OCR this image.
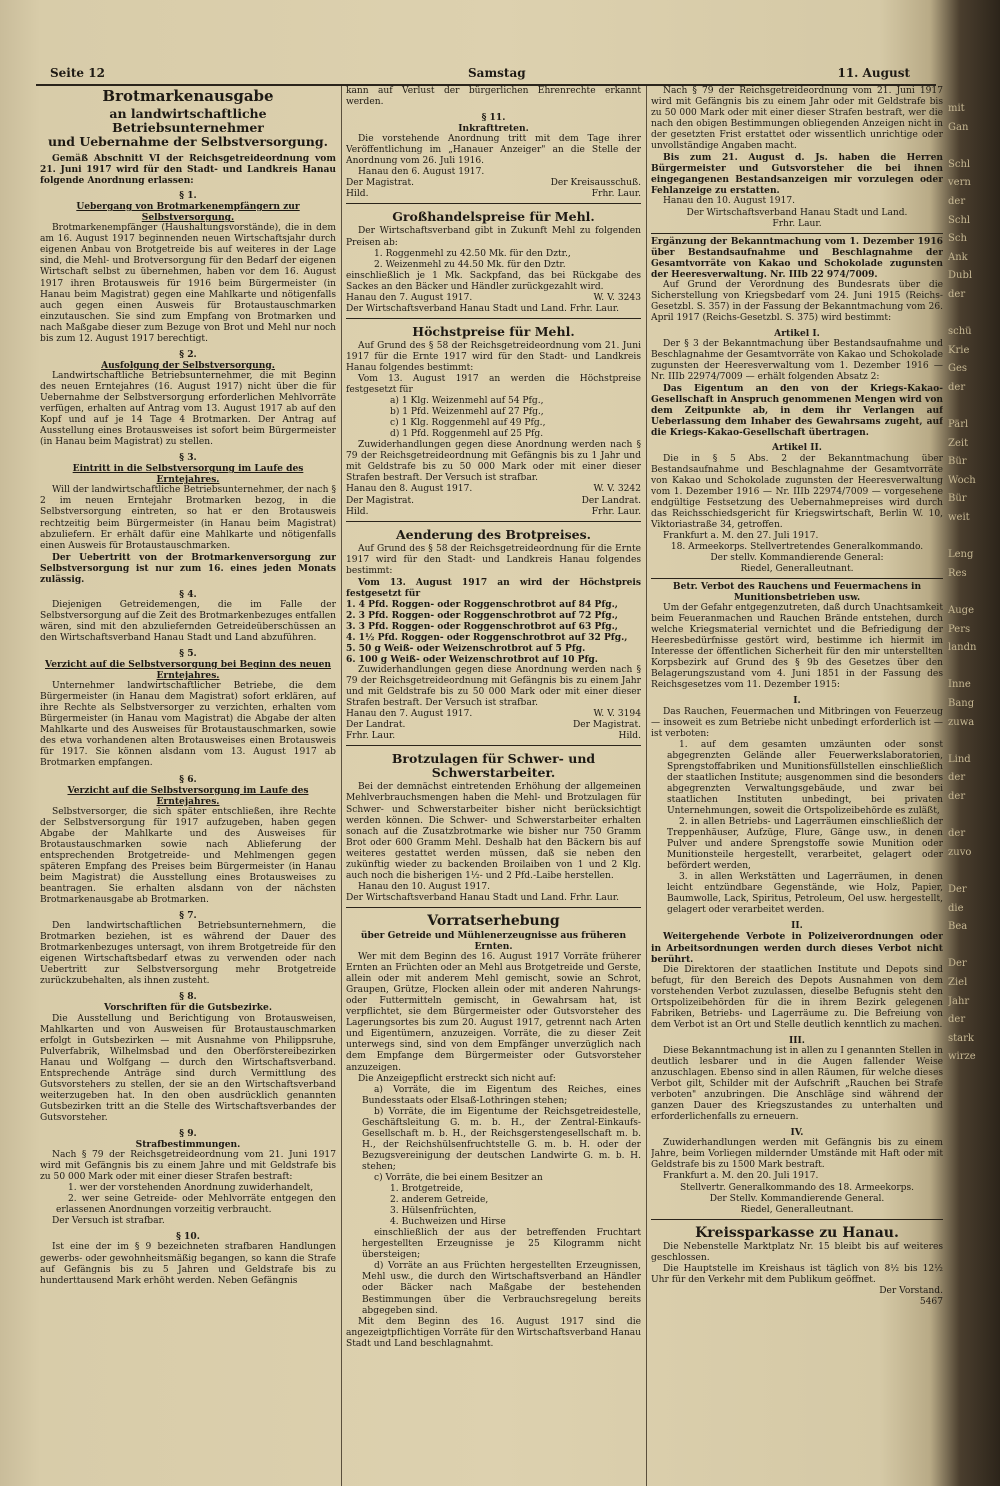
Seite 12	Samstag	11. August
Brotmarkenausgabe
an landwirtschaftliche Betriebsunternehmer
und Uebernahme der Selbstversorgung.

Gemäß Abschnitt VI der Reichsgetreideordnung vom 21. Juni 1917 wird für den Stadt- und Landkreis Hanau folgende Anordnung erlassen:

§ 1.
Uebergang von Brotmarkenempfängern zur Selbstversorgung.

Brotmarkenempfänger (Haushaltungsvorstände), die in dem am 16. August 1917 beginnenden neuen Wirtschaftsjahr durch eigenen Anbau von Brotgetreide bis auf weiteres in der Lage sind, die Mehl- und Brotversorgung für den Bedarf der eigenen Wirtschaft selbst zu übernehmen, haben vor dem 16. August 1917 ihren Brotausweis für 1916 beim Bürgermeister (in Hanau beim Magistrat) gegen eine Mahlkarte und nötigenfalls auch gegen einen Ausweis für Brotaustauschmarken einzutauschen. Sie sind zum Empfang von Brotmarken und nach Maßgabe dieser zum Bezuge von Brot und Mehl nur noch bis zum 12. August 1917 berechtigt.

§ 2.
Ausfolgung der Selbstversorgung.

Landwirtschaftliche Betriebsunternehmer, die mit Beginn des neuen Erntejahres (16. August 1917) nicht über die für Uebernahme der Selbstversorgung erforderlichen Mehlvorräte verfügen, erhalten auf Antrag vom 13. August 1917 ab auf den Kopf und auf je 14 Tage 4 Brotmarken. Der Antrag auf Ausstellung eines Brotausweises ist sofort beim Bürgermeister (in Hanau beim Magistrat) zu stellen.

§ 3.
Eintritt in die Selbstversorgung im Laufe des Erntejahres.

Will der landwirtschaftliche Betriebsunternehmer, der nach § 2 im neuen Erntejahr Brotmarken bezog, in die Selbstversorgung eintreten, so hat er den Brotausweis rechtzeitig beim Bürgermeister (in Hanau beim Magistrat) abzuliefern. Er erhält dafür eine Mahlkarte und nötigenfalls einen Ausweis für Brotaustauschmarken.

Der Uebertritt von der Brotmarkenversorgung zur Selbstversorgung ist nur zum 16. eines jeden Monats zulässig.

§ 4.

Diejenigen Getreidemengen, die im Falle der Selbstversorgung auf die Zeit des Brotmarkenbezuges entfallen wären, sind mit den abzuliefernden Getreideüberschüssen an den Wirtschaftsverband Hanau Stadt und Land abzuführen.

§ 5.
Verzicht auf die Selbstversorgung bei Beginn des neuen Erntejahres.

Unternehmer landwirtschaftlicher Betriebe, die dem Bürgermeister (in Hanau dem Magistrat) sofort erklären, auf ihre Rechte als Selbstversorger zu verzichten, erhalten vom Bürgermeister (in Hanau vom Magistrat) die Abgabe der alten Mahlkarte und des Ausweises für Brotaustauschmarken, sowie des etwa vorhandenen alten Brotausweises einen Brotausweis für 1917. Sie können alsdann vom 13. August 1917 ab Brotmarken empfangen.

§ 6.
Verzicht auf die Selbstversorgung im Laufe des Erntejahres.

Selbstversorger, die sich später entschließen, ihre Rechte der Selbstversorgung für 1917 aufzugeben, haben gegen Abgabe der Mahlkarte und des Ausweises für Brotaustauschmarken sowie nach Ablieferung der entsprechenden Brotgetreide- und Mehlmengen gegen späteren Empfang des Preises beim Bürgermeister (in Hanau beim Magistrat) die Ausstellung eines Brotausweises zu beantragen. Sie erhalten alsdann von der nächsten Brotmarkenausgabe ab Brotmarken.

§ 7.

Den landwirtschaftlichen Betriebsunternehmern, die Brotmarken beziehen, ist es während der Dauer des Brotmarkenbezuges untersagt, von ihrem Brotgetreide für den eigenen Wirtschaftsbedarf etwas zu verwenden oder nach Uebertritt zur Selbstversorgung mehr Brotgetreide zurückzubehalten, als ihnen zusteht.

§ 8.
Vorschriften für die Gutsbezirke.

Die Ausstellung und Berichtigung von Brotausweisen, Mahlkarten und von Ausweisen für Brotaustauschmarken erfolgt in Gutsbezirken — mit Ausnahme von Philippsruhe, Pulverfabrik, Wilhelmsbad und den Oberförstereibezirken Hanau und Wolfgang — durch den Wirtschaftsverband. Entsprechende Anträge sind durch Vermittlung des Gutsvorstehers zu stellen, der sie an den Wirtschaftsverband weiterzugeben hat. In den oben ausdrücklich genannten Gutsbezirken tritt an die Stelle des Wirtschaftsverbandes der Gutsvorsteher.

§ 9.
Strafbestimmungen.

Nach § 79 der Reichsgetreideordnung vom 21. Juni 1917 wird mit Gefängnis bis zu einem Jahre und mit Geldstrafe bis zu 50 000 Mark oder mit einer dieser Strafen bestraft:

1. wer der vorstehenden Anordnung zuwiderhandelt,

2. wer seine Getreide- oder Mehlvorräte entgegen den erlassenen Anordnungen vorzeitig verbraucht.

Der Versuch ist strafbar.

§ 10.

Ist eine der im § 9 bezeichneten strafbaren Handlungen gewerbs- oder gewohnheitsmäßig begangen, so kann die Strafe auf Gefängnis bis zu 5 Jahren und Geldstrafe bis zu hunderttausend Mark erhöht werden. Neben Gefängnis

kann auf Verlust der bürgerlichen Ehrenrechte erkannt werden.

§ 11.
Inkrafttreten.

Die vorstehende Anordnung tritt mit dem Tage ihrer Veröffentlichung im „Hanauer Anzeiger" an die Stelle der Anordnung vom 26. Juli 1916.

Hanau den 6. August 1917.

Der Magistrat.	Der Kreisausschuß.
Hild.	Frhr. Laur.
Großhandelspreise für Mehl.

Der Wirtschaftsverband gibt in Zukunft Mehl zu folgenden Preisen ab:

1. Roggenmehl zu 42.50 Mk. für den Dztr.,

2. Weizenmehl zu 44.50 Mk. für den Dztr.

einschließlich je 1 Mk. Sackpfand, das bei Rückgabe des Sackes an den Bäcker und Händler zurückgezahlt wird.

Hanau den 7. August 1917.	W. V. 3243

Der Wirtschaftsverband Hanau Stadt und Land. Frhr. Laur.

Höchstpreise für Mehl.

Auf Grund des § 58 der Reichsgetreideordnung vom 21. Juni 1917 für die Ernte 1917 wird für den Stadt- und Landkreis Hanau folgendes bestimmt:

Vom 13. August 1917 an werden die Höchstpreise festgesetzt für

a) 1 Klg. Weizenmehl auf 54 Pfg.,

b) 1 Pfd. Weizenmehl auf 27 Pfg.,

c) 1 Klg. Roggenmehl auf 49 Pfg.,

d) 1 Pfd. Roggenmehl auf 25 Pfg.

Zuwiderhandlungen gegen diese Anordnung werden nach § 79 der Reichsgetreideordnung mit Gefängnis bis zu 1 Jahr und mit Geldstrafe bis zu 50 000 Mark oder mit einer dieser Strafen bestraft. Der Versuch ist strafbar.

Hanau den 8. August 1917.	W. V. 3242
Der Magistrat.	Der Landrat.
Hild.	Frhr. Laur.
Aenderung des Brotpreises.

Auf Grund des § 58 der Reichsgetreideordnung für die Ernte 1917 wird für den Stadt- und Landkreis Hanau folgendes bestimmt:

Vom 13. August 1917 an wird der Höchstpreis festgesetzt für

1. 4 Pfd. Roggen- oder Roggenschrotbrot auf 84 Pfg.,

2. 3 Pfd. Roggen- oder Roggenschrotbrot auf 72 Pfg.,

3. 3 Pfd. Roggen- oder Roggenschrotbrot auf 63 Pfg.,

4. 1½ Pfd. Roggen- oder Roggenschrotbrot auf 32 Pfg.,

5. 50 g Weiß- oder Weizenschrotbrot auf 5 Pfg.

6. 100 g Weiß- oder Weizenschrotbrot auf 10 Pfg.

Zuwiderhandlungen gegen diese Anordnung werden nach § 79 der Reichsgetreideordnung mit Gefängnis bis zu einem Jahr und mit Geldstrafe bis zu 50 000 Mark oder mit einer dieser Strafen bestraft. Der Versuch ist strafbar.

Hanau den 7. August 1917.	W. V. 3194
Der Landrat.	Der Magistrat.
Frhr. Laur.	Hild.
Brotzulagen für Schwer- und Schwerstarbeiter.

Bei der demnächst eintretenden Erhöhung der allgemeinen Mehlverbrauchsmengen haben die Mehl- und Brotzulagen für Schwer- und Schwerstarbeiter bisher nicht berücksichtigt werden können. Die Schwer- und Schwerstarbeiter erhalten sonach auf die Zusatzbrotmarke wie bisher nur 750 Gramm Brot oder 600 Gramm Mehl. Deshalb hat den Bäckern bis auf weiteres gestattet werden müssen, daß sie neben den zukünftig wieder zu backenden Broilaiben von 1 und 2 Klg. auch noch die bisherigen 1½- und 2 Pfd.-Laibe herstellen.

Hanau den 10. August 1917.

Der Wirtschaftsverband Hanau Stadt und Land. Frhr. Laur.

Vorratserhebung
über Getreide und Mühlenerzeugnisse aus früheren Ernten.

Wer mit dem Beginn des 16. August 1917 Vorräte früherer Ernten an Früchten oder an Mehl aus Brotgetreide und Gerste, allein oder mit anderem Mehl gemischt, sowie an Schrot, Graupen, Grütze, Flocken allein oder mit anderen Nahrungs- oder Futtermitteln gemischt, in Gewahrsam hat, ist verpflichtet, sie dem Bürgermeister oder Gutsvorsteher des Lagerungsortes bis zum 20. August 1917, getrennt nach Arten und Eigentümern, anzuzeigen. Vorräte, die zu dieser Zeit unterwegs sind, sind von dem Empfänger unverzüglich nach dem Empfange dem Bürgermeister oder Gutsvorsteher anzuzeigen.

Die Anzeigepflicht erstreckt sich nicht auf:

a) Vorräte, die im Eigentum des Reiches, eines Bundesstaats oder Elsaß-Lothringen stehen;

b) Vorräte, die im Eigentume der Reichsgetreidestelle, Geschäftsleitung G. m. b. H., der Zentral-Einkaufs-Gesellschaft m. b. H., der Reichsgerstengesellschaft m. b. H., der Reichshülsenfruchtstelle G. m. b. H. oder der Bezugsvereinigung der deutschen Landwirte G. m. b. H. stehen;

c) Vorräte, die bei einem Besitzer an

1. Brotgetreide,

2. anderem Getreide,

3. Hülsenfrüchten,

4. Buchweizen und Hirse

einschließlich der aus der betreffenden Fruchtart hergestellten Erzeugnisse je 25 Kilogramm nicht übersteigen;

d) Vorräte an aus Früchten hergestellten Erzeugnissen, Mehl usw., die durch den Wirtschaftsverband an Händler oder Bäcker nach Maßgabe der bestehenden Bestimmungen über die Verbrauchsregelung bereits abgegeben sind.

Mit dem Beginn des 16. August 1917 sind die angezeigtpflichtigen Vorräte für den Wirtschaftsverband Hanau Stadt und Land beschlagnahmt.

Nach § 79 der Reichsgetreideordnung vom 21. Juni 1917 wird mit Gefängnis bis zu einem Jahr oder mit Geldstrafe bis zu 50 000 Mark oder mit einer dieser Strafen bestraft, wer die nach den obigen Bestimmungen obliegenden Anzeigen nicht in der gesetzten Frist erstattet oder wissentlich unrichtige oder unvollständige Angaben macht.

Bis zum 21. August d. Js. haben die Herren Bürgermeister und Gutsvorsteher die bei ihnen eingegangenen Bestandsanzeigen mir vorzulegen oder Fehlanzeige zu erstatten.

Hanau den 10. August 1917.

Der Wirtschaftsverband Hanau Stadt und Land.

Frhr. Laur.

Ergänzung der Bekanntmachung vom 1. Dezember 1916 über Bestandsaufnahme und Beschlagnahme der Gesamtvorräte von Kakao und Schokolade zugunsten der Heeresverwaltung. Nr. IIIb 22 974/7009.

Auf Grund der Verordnung des Bundesrats über die Sicherstellung von Kriegsbedarf vom 24. Juni 1915 (Reichs-Gesetzbl. S. 357) in der Fassung der Bekanntmachung vom 26. April 1917 (Reichs-Gesetzbl. S. 375) wird bestimmt:

Artikel I.

Der § 3 der Bekanntmachung über Bestandsaufnahme und Beschlagnahme der Gesamtvorräte von Kakao und Schokolade zugunsten der Heeresverwaltung vom 1. Dezember 1916 — Nr. IIIb 22974/7009 — erhält folgenden Absatz 2:

Das Eigentum an den von der Kriegs-Kakao-Gesellschaft in Anspruch genommenen Mengen wird von dem Zeitpunkte ab, in dem ihr Verlangen auf Ueberlassung dem Inhaber des Gewahrsams zugeht, auf die Kriegs-Kakao-Gesellschaft übertragen.

Artikel II.

Die in § 5 Abs. 2 der Bekanntmachung über Bestandsaufnahme und Beschlagnahme der Gesamtvorräte von Kakao und Schokolade zugunsten der Heeresverwaltung vom 1. Dezember 1916 — Nr. IIIb 22974/7009 — vorgesehene endgültige Festsetzung des Uebernahmepreises wird durch das Reichsschiedsgericht für Kriegswirtschaft, Berlin W. 10, Viktoriastraße 34, getroffen.

Frankfurt a. M. den 27. Juli 1917.

18. Armeekorps. Stellvertretendes Generalkommando.

Der stellv. Kommandierende General:

Riedel, Generalleutnant.

Betr. Verbot des Rauchens und Feuermachens in Munitionsbetrieben usw.

Um der Gefahr entgegenzutreten, daß durch Unachtsamkeit beim Feueranmachen und Rauchen Brände entstehen, durch welche Kriegsmaterial vernichtet und die Befriedigung der Heeresbedürfnisse gestört wird, bestimme ich hiermit im Interesse der öffentlichen Sicherheit für den mir unterstellten Korpsbezirk auf Grund des § 9b des Gesetzes über den Belagerungszustand vom 4. Juni 1851 in der Fassung des Reichsgesetzes vom 11. Dezember 1915:

I.

Das Rauchen, Feuermachen und Mitbringen von Feuerzeug — insoweit es zum Betriebe nicht unbedingt erforderlich ist — ist verboten:

1. auf dem gesamten umzäunten oder sonst abgegrenzten Gelände aller Feuerwerkslaboratorien, Sprengstoffabriken und Munitionsfüllstellen einschließlich der staatlichen Institute; ausgenommen sind die besonders abgegrenzten Verwaltungsgebäude, und zwar bei staatlichen Instituten unbedingt, bei privaten Unternehmungen, soweit die Ortspolizeibehörde es zuläßt,

2. in allen Betriebs- und Lagerräumen einschließlich der Treppenhäuser, Aufzüge, Flure, Gänge usw., in denen Pulver und andere Sprengstoffe sowie Munition oder Munitionsteile hergestellt, verarbeitet, gelagert oder befördert werden,

3. in allen Werkstätten und Lagerräumen, in denen leicht entzündbare Gegenstände, wie Holz, Papier, Baumwolle, Lack, Spiritus, Petroleum, Oel usw. hergestellt, gelagert oder verarbeitet werden.

II.

Weitergehende Verbote in Polizeiverordnungen oder in Arbeitsordnungen werden durch dieses Verbot nicht berührt.

Die Direktoren der staatlichen Institute und Depots sind befugt, für den Bereich des Depots Ausnahmen von dem vorstehenden Verbot zuzulassen, dieselbe Befugnis steht den Ortspolizeibehörden für die in ihrem Bezirk gelegenen Fabriken, Betriebs- und Lagerräume zu. Die Befreiung von dem Verbot ist an Ort und Stelle deutlich kenntlich zu machen.

III.

Diese Bekanntmachung ist in allen zu I genannten Stellen in deutlich lesbarer und in die Augen fallender Weise anzuschlagen. Ebenso sind in allen Räumen, für welche dieses Verbot gilt, Schilder mit der Aufschrift „Rauchen bei Strafe verboten" anzubringen. Die Anschläge sind während der ganzen Dauer des Kriegszustandes zu unterhalten und erforderlichenfalls zu erneuern.

IV.

Zuwiderhandlungen werden mit Gefängnis bis zu einem Jahre, beim Vorliegen mildernder Umstände mit Haft oder mit Geldstrafe bis zu 1500 Mark bestraft.

Frankfurt a. M. den 20. Juli 1917.

Stellvertr. Generalkommando des 18. Armeekorps.

Der Stellv. Kommandierende General.

Riedel, Generalleutnant.

Kreissparkasse zu Hanau.

Die Nebenstelle Marktplatz Nr. 15 bleibt bis auf weiteres geschlossen.

Die Hauptstelle im Kreishaus ist täglich von 8½ bis 12½ Uhr für den Verkehr mit dem Publikum geöffnet.

Der Vorstand.
5467
mit
Gan

Schl
vern
der
Schl
Sch
Ank
Dubl
der

schü
Krie
Ges
der

Pärl
Zeit
Bür
Woch
Bür
weit

Leng
Res

Auge
Pers
landn

Inne
Bang
zuwa

Lind
der
der

der
zuvo

Der
die
Bea

Der
Ziel
Jahr
der
stark
wirze
